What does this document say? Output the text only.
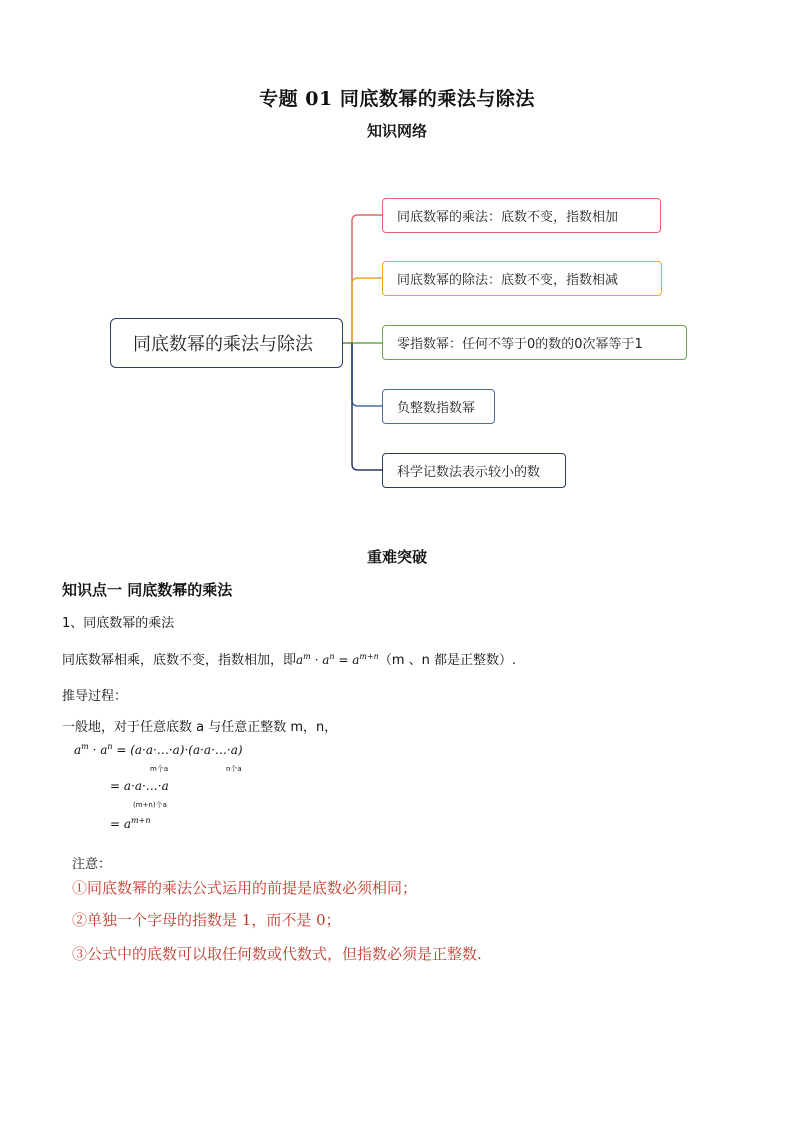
专题 01 同底数幂的乘法与除法
知识网络
同底数幂的乘法与除法
同底数幂的乘法：底数不变，指数相加
同底数幂的除法：底数不变，指数相减
零指数幂：任何不等于0的数的0次幂等于1
负整数指数幂
科学记数法表示较小的数
重难突破
知识点一 同底数幂的乘法
1、同底数幂的乘法
同底数幂相乘，底数不变，指数相加，即$a^m \cdot a^n = a^{m+n}(m$ 、n 都是正整数）.
推导过程：
一般地，对于任意底数 a 与任意正整数 m，n，
$a^m \cdot a^n$ = (a·a·…·a)·(a·a·…·a)
m个a	n个a
= a·a·…·a
(m+n)个a
= $a^{m+n}$
注意：
①同底数幂的乘法公式运用的前提是底数必须相同；
②单独一个字母的指数是 1，而不是 0；
③公式中的底数可以取任何数或代数式，但指数必须是正整数.
